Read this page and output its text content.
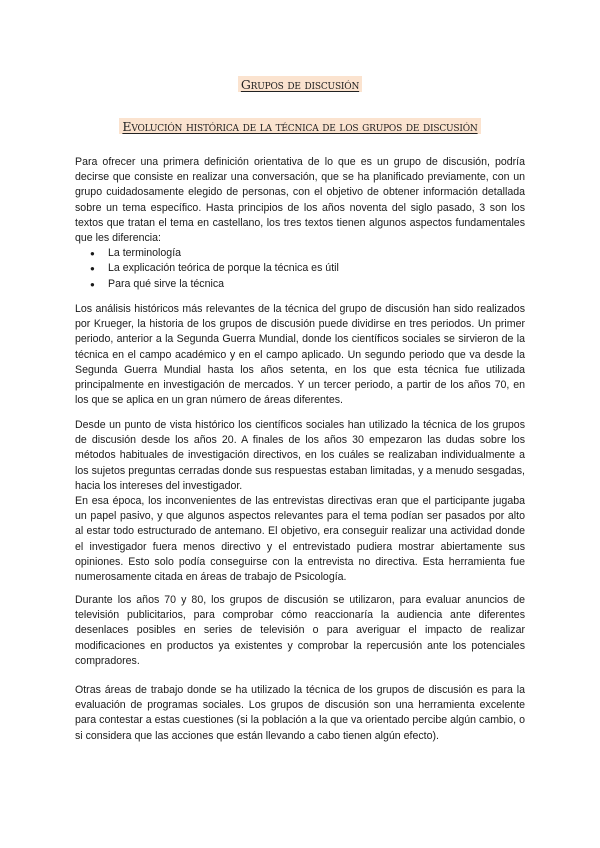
Grupos de discusión
Evolución histórica de la técnica de los grupos de discusión

Para ofrecer una primera definición orientativa de lo que es un grupo de discusión, podría decirse que consiste en realizar una conversación, que se ha planificado previamente, con un grupo cuidadosamente elegido de personas, con el objetivo de obtener información detallada sobre un tema específico. Hasta principios de los años noventa del siglo pasado, 3 son los textos que tratan el tema en castellano, los tres textos tienen algunos aspectos fundamentales que les diferencia:

● La terminología
● La explicación teórica de porque la técnica es útil
● Para qué sirve la técnica

Los análisis históricos más relevantes de la técnica del grupo de discusión han sido realizados por Krueger, la historia de los grupos de discusión puede dividirse en tres periodos. Un primer periodo, anterior a la Segunda Guerra Mundial, donde los científicos sociales se sirvieron de la técnica en el campo académico y en el campo aplicado. Un segundo periodo que va desde la Segunda Guerra Mundial hasta los años setenta, en los que esta técnica fue utilizada principalmente en investigación de mercados. Y un tercer periodo, a partir de los años 70, en los que se aplica en un gran número de áreas diferentes.

Desde un punto de vista histórico los científicos sociales han utilizado la técnica de los grupos de discusión desde los años 20. A finales de los años 30 empezaron las dudas sobre los métodos habituales de investigación directivos, en los cuáles se realizaban individualmente a los sujetos preguntas cerradas donde sus respuestas estaban limitadas, y a menudo sesgadas, hacia los intereses del investigador.

En esa época, los inconvenientes de las entrevistas directivas eran que el participante jugaba un papel pasivo, y que algunos aspectos relevantes para el tema podían ser pasados por alto al estar todo estructurado de antemano. El objetivo, era conseguir realizar una actividad donde el investigador fuera menos directivo y el entrevistado pudiera mostrar abiertamente sus opiniones. Esto solo podía conseguirse con la entrevista no directiva. Esta herramienta fue numerosamente citada en áreas de trabajo de Psicología.

Durante los años 70 y 80, los grupos de discusión se utilizaron, para evaluar anuncios de televisión publicitarios, para comprobar cómo reaccionaría la audiencia ante diferentes desenlaces posibles en series de televisión o para averiguar el impacto de realizar modificaciones en productos ya existentes y comprobar la repercusión ante los potenciales compradores.

Otras áreas de trabajo donde se ha utilizado la técnica de los grupos de discusión es para la evaluación de programas sociales. Los grupos de discusión son una herramienta excelente para contestar a estas cuestiones (si la población a la que va orientado percibe algún cambio, o si considera que las acciones que están llevando a cabo tienen algún efecto).
